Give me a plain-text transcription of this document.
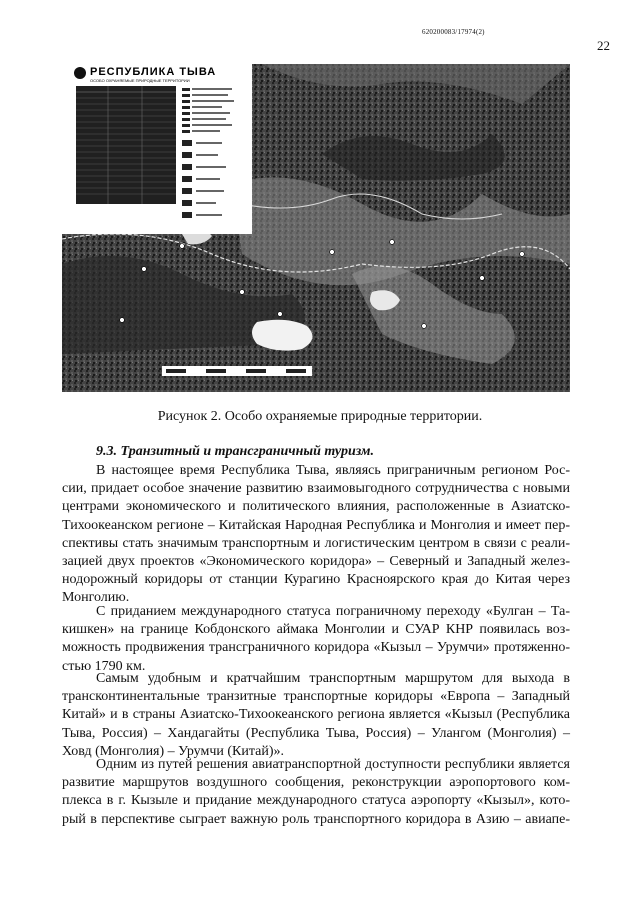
620200083/17974(2)
22
РЕСПУБЛИКА ТЫВА
ОСОБО ОХРАНЯЕМЫЕ ПРИРОДНЫЕ ТЕРРИТОРИИ
Рисунок 2. Особо охраняемые природные территории.
9.3. Транзитный и трансграничный туризм.
В настоящее время Республика Тыва, являясь приграничным регионом Рос-
сии, придает особое значение развитию взаимовыгодного сотрудничества с новыми
центрами экономического и политического влияния, расположенные в Азиатско-
Тихоокеанском регионе – Китайская Народная Республика и Монголия и имеет пер-
спективы стать значимым транспортным и логистическим центром в связи с реали-
зацией двух проектов «Экономического коридора» – Северный и Западный желез-
нодорожный коридоры от станции Курагино Красноярского края до Китая через
Монголию.
С приданием международного статуса пограничному переходу «Булган – Та-
кишкен» на границе Кобдонского аймака Монголии и СУАР КНР появилась воз-
можность продвижения трансграничного коридора «Кызыл – Урумчи» протяженно-
стью 1790 км.
Самым удобным и кратчайшим транспортным маршрутом для выхода в
трансконтинентальные транзитные транспортные коридоры «Европа – Западный
Китай» и в страны Азиатско-Тихоокеанского региона является «Кызыл (Республика
Тыва, Россия) – Хандагайты (Республика Тыва, Россия) – Улангом (Монголия) –
Ховд (Монголия) – Урумчи (Китай)».
Одним из путей решения авиатранспортной доступности республики является
развитие маршрутов воздушного сообщения, реконструкции аэропортового ком-
плекса в г. Кызыле и придание международного статуса аэропорту «Кызыл», кото-
рый в перспективе сыграет важную роль транспортного коридора в Азию – авиапе-
